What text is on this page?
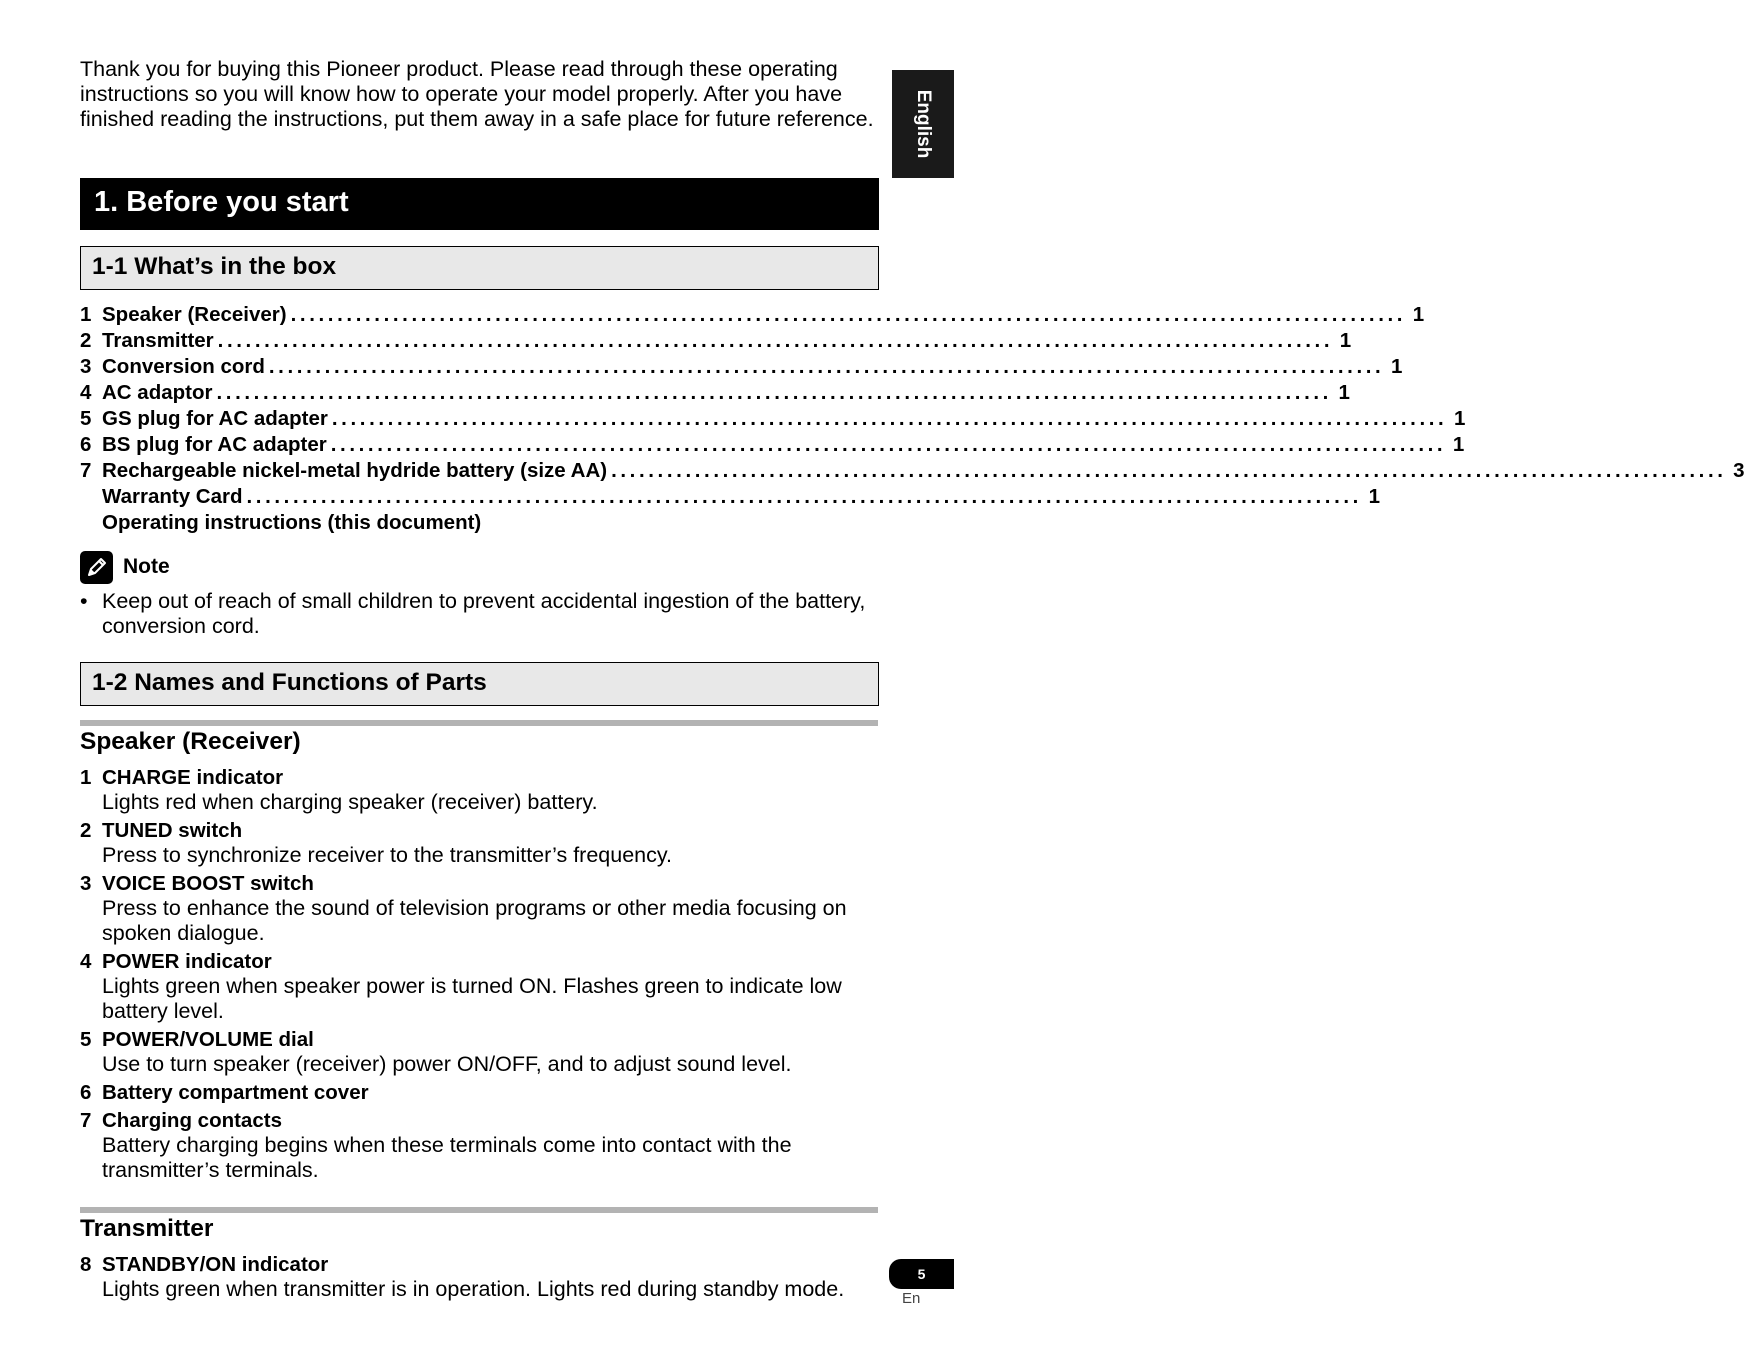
Thank you for buying this Pioneer product. Please read through these operating instructions so you will know how to operate your model properly. After you have finished reading the instructions, put them away in a safe place for future reference.	English
1. Before you start
1-1 What’s in the box
1 Speaker (Receiver) ........................................................................................................................ 1
2 Transmitter ........................................................................................................................ 1
3 Conversion cord ........................................................................................................................ 1
4 AC adaptor ........................................................................................................................ 1
5 GS plug for AC adapter ........................................................................................................................ 1
6 BS plug for AC adapter ........................................................................................................................ 1
7 Rechargeable nickel-metal hydride battery (size AA) ........................................................................................................................ 3
Warranty Card ........................................................................................................................ 1
Operating instructions (this document)
Note
• Keep out of reach of small children to prevent accidental ingestion of the battery, conversion cord.
1-2 Names and Functions of Parts
Speaker (Receiver)
1 CHARGE indicator
Lights red when charging speaker (receiver) battery.
2 TUNED switch
Press to synchronize receiver to the transmitter’s frequency.
3 VOICE BOOST switch
Press to enhance the sound of television programs or other media focusing on spoken dialogue.
4 POWER indicator
Lights green when speaker power is turned ON. Flashes green to indicate low battery level.
5 POWER/VOLUME dial
Use to turn speaker (receiver) power ON/OFF, and to adjust sound level.
6 Battery compartment cover
7 Charging contacts
Battery charging begins when these terminals come into contact with the transmitter’s terminals.
Transmitter
8 STANDBY/ON indicator
Lights green when transmitter is in operation. Lights red during standby mode.
5
En
